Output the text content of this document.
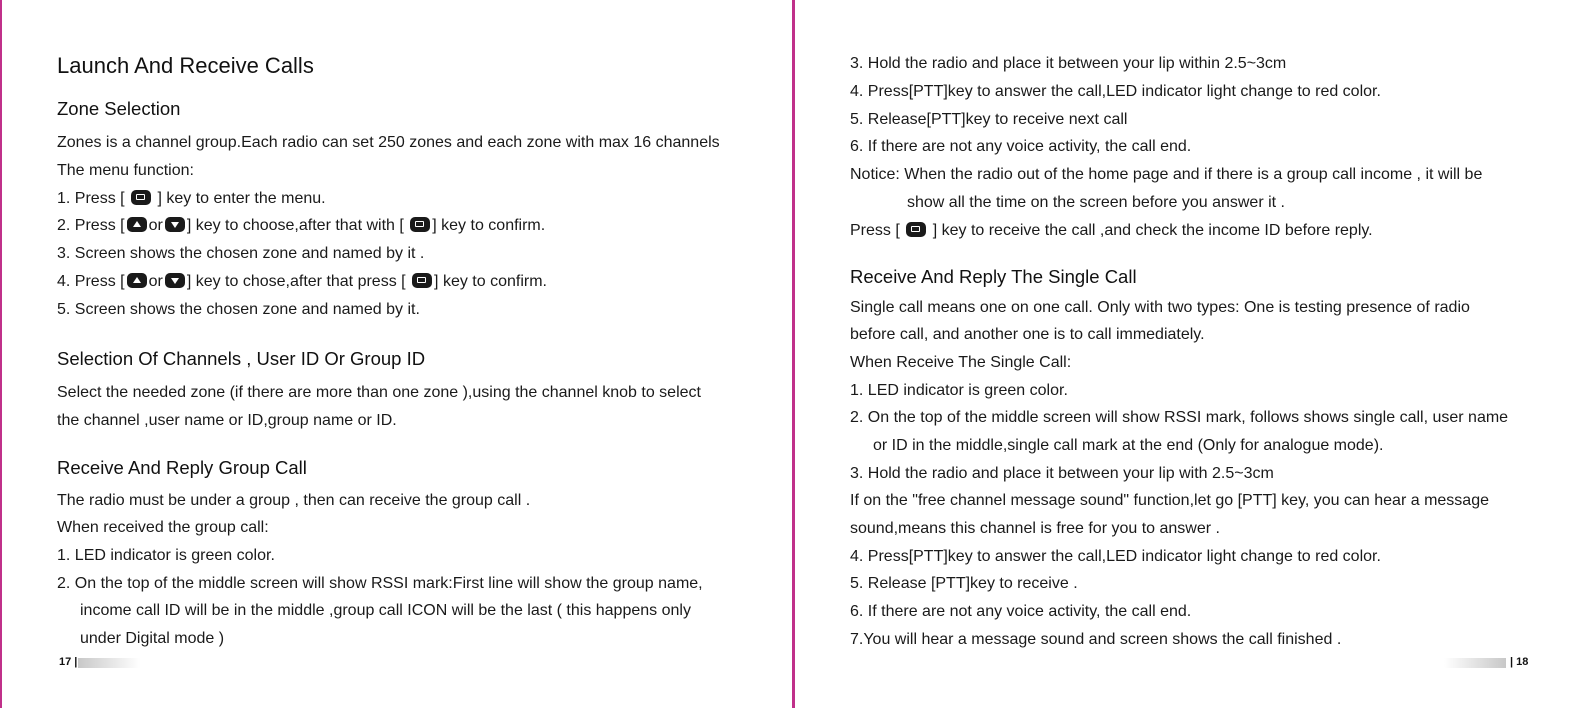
Launch And Receive Calls
Zone Selection
Zones is a channel group.Each radio can set 250 zones and each zone with max 16 channels
The menu function:
1. Press [ ] key to enter the menu.
2. Press [ or ] key to choose,after that with [ ] key to confirm.
3. Screen shows the chosen zone and named by it .
4. Press [ or ] key to chose,after that press [ ] key to confirm.
5. Screen shows the chosen zone and named by it.
Selection Of Channels , User ID Or Group ID
Select the needed zone (if there are more than one zone ),using the channel knob to select
the channel ,user name or ID,group name or ID.
Receive And Reply Group Call
The radio must be under a group , then can receive the group call .
When received the group call:
1. LED indicator is green color.
2. On the top of the middle screen will show RSSI mark:First line will show the group name,
income call ID will be in the middle ,group call ICON will be the last ( this happens only
under Digital mode )
17 |
3. Hold the radio and place it between your lip within 2.5~3cm
4. Press[PTT]key to answer the call,LED indicator light change to red color.
5. Release[PTT]key to receive next call
6. If there are not any voice activity, the call end.
Notice: When the radio out of the home page and if there is a group call income , it will be
show all the time on the screen before you answer it .
Press [ ] key to receive the call ,and check the income ID before reply.
Receive And Reply The Single Call
Single call means one on one call. Only with two types: One is testing presence of radio
before call, and another one is to call immediately.
When Receive The Single Call:
1. LED indicator is green color.
2. On the top of the middle screen will show RSSI mark, follows shows single call, user name
or ID in the middle,single call mark at the end (Only for analogue mode).
3. Hold the radio and place it between your lip with 2.5~3cm
If on the "free channel message sound" function,let go [PTT] key, you can hear a message
sound,means this channel is free for you to answer .
4. Press[PTT]key to answer the call,LED indicator light change to red color.
5. Release [PTT]key to receive .
6. If there are not any voice activity, the call end.
7.You will hear a message sound and screen shows the call finished .
| 18
